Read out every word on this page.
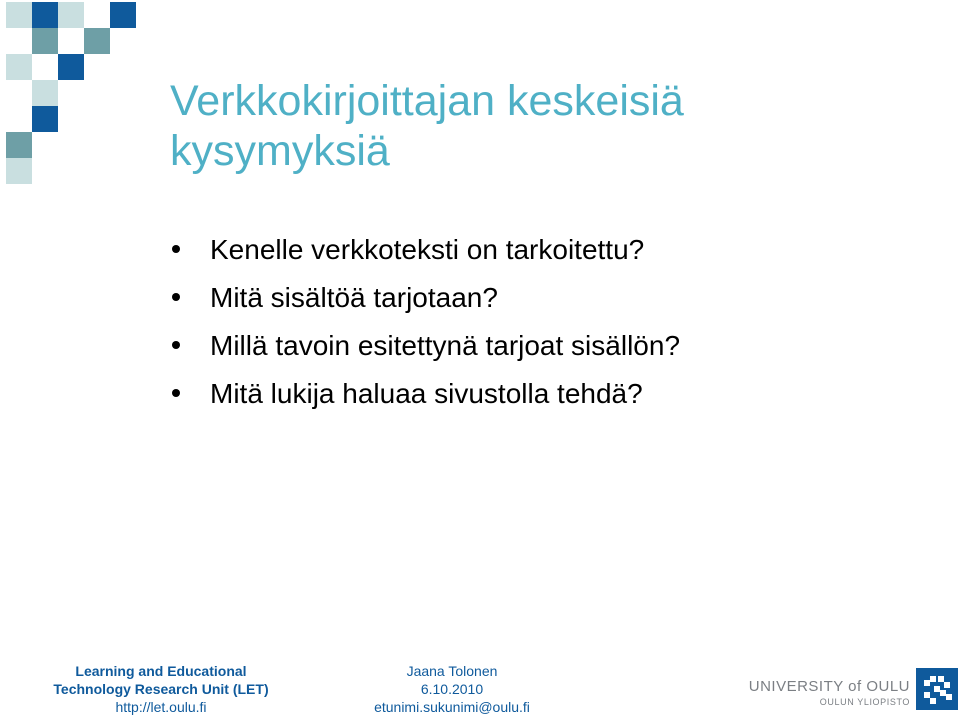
Verkkokirjoittajan keskeisiä
kysymyksiä
Kenelle verkkoteksti on tarkoitettu?
Mitä sisältöä tarjotaan?
Millä tavoin esitettynä tarjoat sisällön?
Mitä lukija haluaa sivustolla tehdä?
Learning and Educational
Technology Research Unit (LET)
http://let.oulu.fi
Jaana Tolonen
6.10.2010
etunimi.sukunimi@oulu.fi
UNIVERSITY of OULU
OULUN YLIOPISTO
